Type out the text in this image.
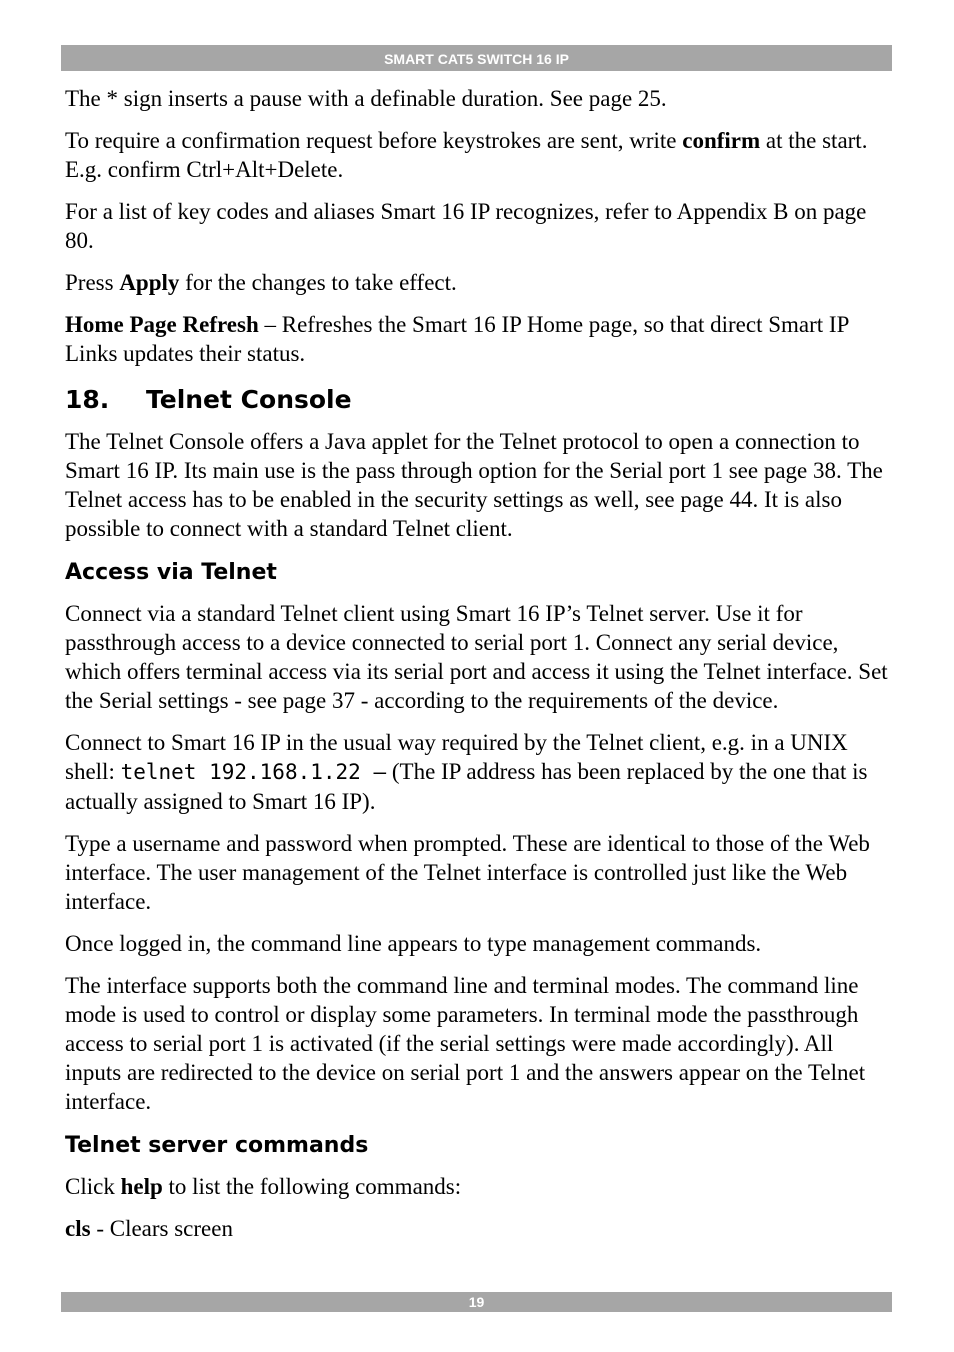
SMART CAT5 SWITCH 16 IP

The * sign inserts a pause with a definable duration. See page 25.

To require a confirmation request before keystrokes are sent, write confirm at the start. E.g. confirm Ctrl+Alt+Delete.

For a list of key codes and aliases Smart 16 IP recognizes, refer to Appendix B on page 80.

Press Apply for the changes to take effect.

Home Page Refresh – Refreshes the Smart 16 IP Home page, so that direct Smart IP Links updates their status.

18. Telnet Console

The Telnet Console offers a Java applet for the Telnet protocol to open a connection to Smart 16 IP. Its main use is the pass through option for the Serial port 1 see page 38. The Telnet access has to be enabled in the security settings as well, see page 44. It is also possible to connect with a standard Telnet client.

Access via Telnet

Connect via a standard Telnet client using Smart 16 IP’s Telnet server. Use it for passthrough access to a device connected to serial port 1. Connect any serial device, which offers terminal access via its serial port and access it using the Telnet interface. Set the Serial settings - see page 37 - according to the requirements of the device.

Connect to Smart 16 IP in the usual way required by the Telnet client, e.g. in a UNIX shell: telnet 192.168.1.22 – (The IP address has been replaced by the one that is actually assigned to Smart 16 IP).

Type a username and password when prompted. These are identical to those of the Web interface. The user management of the Telnet interface is controlled just like the Web interface.

Once logged in, the command line appears to type management commands.

The interface supports both the command line and terminal modes. The command line mode is used to control or display some parameters. In terminal mode the passthrough access to serial port 1 is activated (if the serial settings were made accordingly). All inputs are redirected to the device on serial port 1 and the answers appear on the Telnet interface.

Telnet server commands

Click help to list the following commands:

cls - Clears screen

19
